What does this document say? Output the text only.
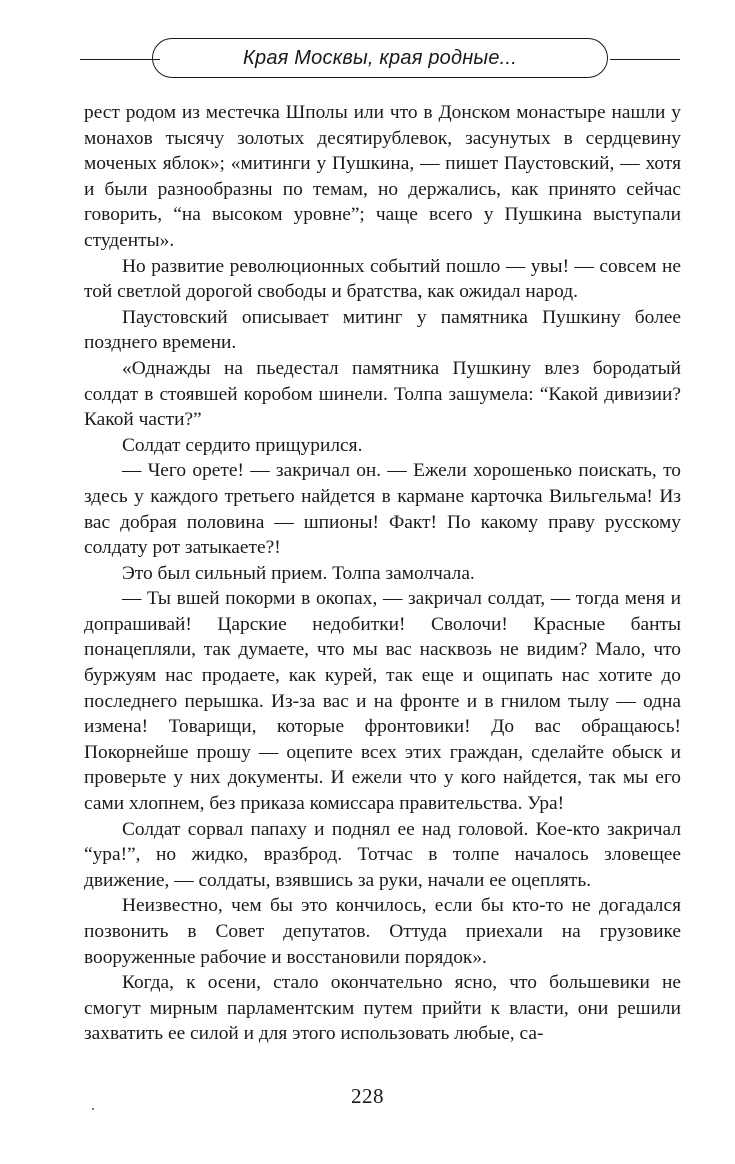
Края Москвы, края родные...

рест родом из местечка Шполы или что в Донском монастыре нашли у монахов тысячу золотых десятирублевок, засунутых в сердцевину моченых яблок»; «митинги у Пушкина, — пишет Паустовский, — хотя и были разнообразны по темам, но держались, как принято сейчас говорить, “на высоком уровне”; чаще всего у Пушкина выступали студенты».

Но развитие революционных событий пошло — увы! — совсем не той светлой дорогой свободы и братства, как ожидал народ.

Паустовский описывает митинг у памятника Пушкину более позднего времени.

«Однажды на пьедестал памятника Пушкину влез бородатый солдат в стоявшей коробом шинели. Толпа зашумела: “Какой дивизии? Какой части?”

Солдат сердито прищурился.

— Чего орете! — закричал он. — Ежели хорошенько поискать, то здесь у каждого третьего найдется в кармане карточка Вильгельма! Из вас добрая половина — шпионы! Факт! По какому праву русскому солдату рот затыкаете?!

Это был сильный прием. Толпа замолчала.

— Ты вшей покорми в окопах, — закричал солдат, — тогда меня и допрашивай! Царские недобитки! Сволочи! Красные банты понацепляли, так думаете, что мы вас насквозь не видим? Мало, что буржуям нас продаете, как курей, так еще и ощипать нас хотите до последнего перышка. Из-за вас и на фронте и в гнилом тылу — одна измена! Товарищи, которые фронтовики! До вас обращаюсь! Покорнейше прошу — оцепите всех этих граждан, сделайте обыск и проверьте у них документы. И ежели что у кого найдется, так мы его сами хлопнем, без приказа комиссара правительства. Ура!

Солдат сорвал папаху и поднял ее над головой. Кое-кто закричал “ура!”, но жидко, вразброд. Тотчас в толпе началось зловещее движение, — солдаты, взявшись за руки, начали ее оцеплять.

Неизвестно, чем бы это кончилось, если бы кто-то не догадался позвонить в Совет депутатов. Оттуда приехали на грузовике вооруженные рабочие и восстановили порядок».

Когда, к осени, стало окончательно ясно, что большевики не смогут мирным парламентским путем прийти к власти, они решили захватить ее силой и для этого использовать любые, са-

228
